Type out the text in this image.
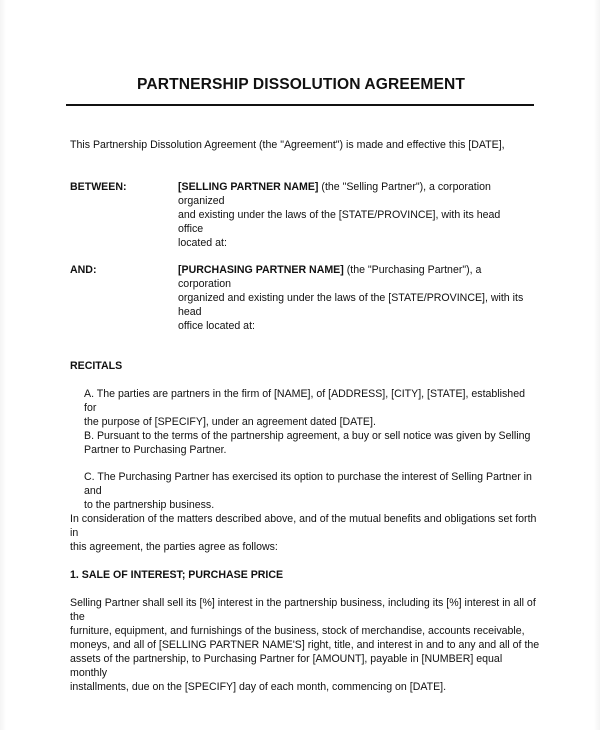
PARTNERSHIP DISSOLUTION AGREEMENT

This Partnership Dissolution Agreement (the "Agreement") is made and effective this [DATE],

BETWEEN:	[SELLING PARTNER NAME] (the "Selling Partner"), a corporation organized
and existing under the laws of the [STATE/PROVINCE], with its head office
located at:
AND:	[PURCHASING PARTNER NAME] (the "Purchasing Partner"), a corporation
organized and existing under the laws of the [STATE/PROVINCE], with its head
office located at:
RECITALS
A. The parties are partners in the firm of [NAME], of [ADDRESS], [CITY], [STATE], established for
the purpose of [SPECIFY], under an agreement dated [DATE].
B. Pursuant to the terms of the partnership agreement, a buy or sell notice was given by Selling
Partner to Purchasing Partner.
C. The Purchasing Partner has exercised its option to purchase the interest of Selling Partner in and
to the partnership business.
In consideration of the matters described above, and of the mutual benefits and obligations set forth in
this agreement, the parties agree as follows:
1. SALE OF INTEREST; PURCHASE PRICE
Selling Partner shall sell its [%] interest in the partnership business, including its [%] interest in all of the
furniture, equipment, and furnishings of the business, stock of merchandise, accounts receivable,
moneys, and all of [SELLING PARTNER NAME'S] right, title, and interest in and to any and all of the
assets of the partnership, to Purchasing Partner for [AMOUNT], payable in [NUMBER] equal monthly
installments, due on the [SPECIFY] day of each month, commencing on [DATE].
